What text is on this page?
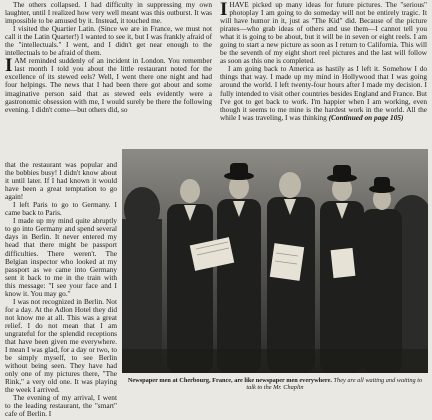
The others collapsed. I had difficulty in suppressing my own laughter, until I realized how very well meant was this outburst. It was impossible to be amused by it. Instead, it touched me.

I visited the Quartier Latin. (Since we are in France, we must not call it the Latin Quarter!) I wanted to see it, but I was frankly afraid of the "intellectuals." I went, and I didn't get near enough to the intellectuals to be afraid of them.

IAM reminded suddenly of an incident in London. You remember last month I told you about the little restaurant noted for the excellence of its stewed eels? Well, I went there one night and had four helpings. The news that I had been there got about and some imaginative person said that as stewed eels evidently were a gastronomic obsession with me, I would surely be there the following evening. I didn't come—but others did, so

that the restaurant was popular and the bobbies busy! I didn't know about it until later. If I had known it would have been a great temptation to go again!

I left Paris to go to Germany. I came back to Paris.

I made up my mind quite abruptly to go into Germany and spend several days in Berlin. It never entered my head that there might be passport difficulties. There weren't. The Belgian inspector who looked at my passport as we came into Germany sent it back to me in the train with this message: "I see your face and I know it. You may go."

I was not recognized in Berlin. Not for a day. At the Adlon Hotel they did not know me at all. This was a great relief. I do not mean that I am ungrateful for the splendid receptions that have been given me everywhere. I mean I was glad, for a day or two, to be simply myself, to see Berlin without being seen. They have had only one of my pictures there, "The Rink," a very old one. It was playing the week I arrived.

The evening of my arrival, I went to the leading restaurant, the "smart" cafe of Berlin. I

IHAVE picked up many ideas for future pictures. The "serious" photoplay I am going to do someday will not be entirely tragic. It will have humor in it, just as "The Kid" did. Because of the picture pirates—who grab ideas of others and use them—I cannot tell you what it is going to be about, but it will be in seven or eight reels. I am going to start a new picture as soon as I return to California. This will be the seventh of my eight short reel pictures and the last will follow as soon as this one is completed.

I am going back to America as hastily as I left it. Somehow I do things that way. I made up my mind in Hollywood that I was going around the world. I left twenty-four hours after I made my decision. I fully intended to visit other countries besides England and France. But I've got to get back to work. I'm happier when I am working, even though it seems to me mine is the hardest work in the world. All the while I was traveling, I was thinking (Continued on page 105)

Newspaper men at Cherbourg, France, are like newspaper men everywhere. They are all waiting and waiting to talk to the Mr. Chaplin
